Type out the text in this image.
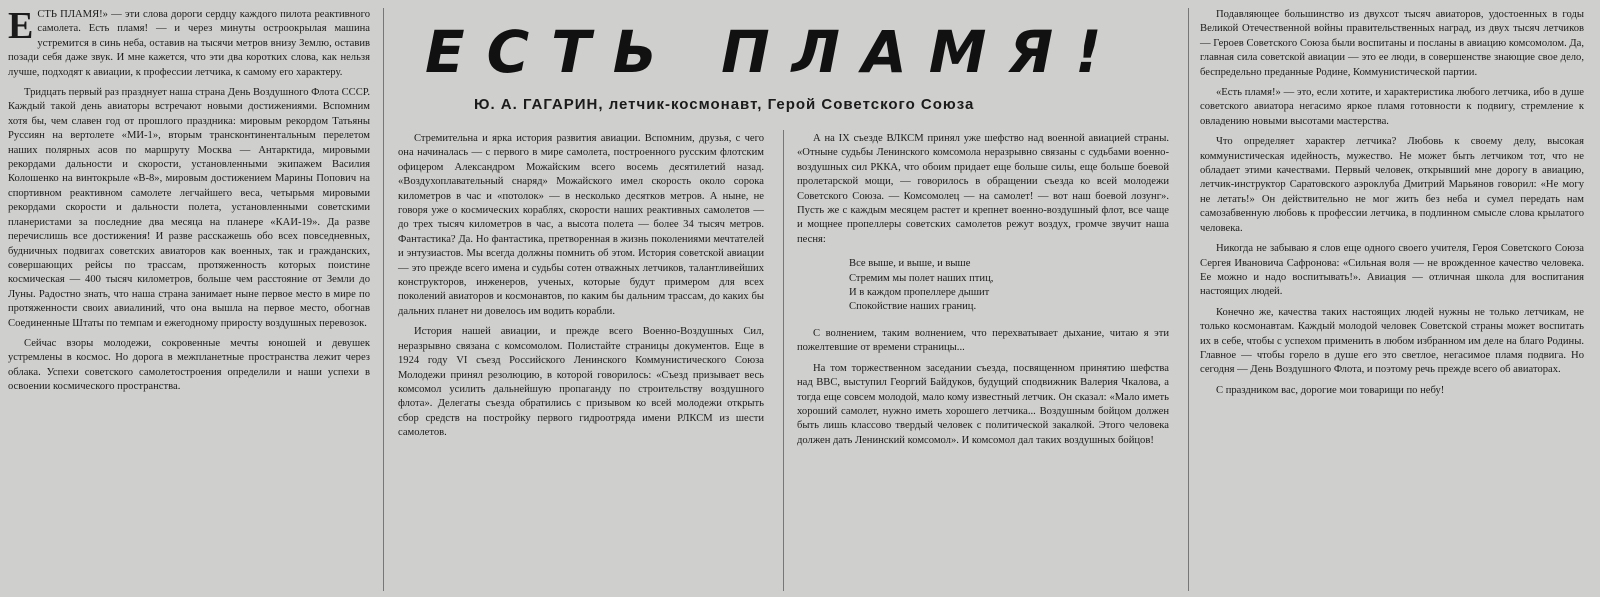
ЕСТЬ ПЛАМЯ!» — эти слова дороги сердцу каждого пилота реактивного самолета. Есть пламя! — и через минуты остроокрылая машина устремится в синь неба, оставив на тысячи метров внизу Землю, оставив позади себя даже звук. И мне кажется, что эти два коротких слова, как нельзя лучше, подходят к авиации, к профессии летчика, к самому его характеру.

Тридцать первый раз празднует наша страна День Воздушного Флота СССР. Каждый такой день авиаторы встречают новыми достижениями. Вспомним хотя бы, чем славен год от прошлого праздника: мировым рекордом Татьяны Руссиян на вертолете «МИ-1», вторым трансконтинентальным перелетом наших полярных асов по маршруту Москва — Антарктида, мировыми рекордами дальности и скорости, установленными экипажем Василия Колошенко на винтокрыле «В-8», мировым достижением Марины Попович на спортивном реактивном самолете легчайшего веса, четырьмя мировыми рекордами скорости и дальности полета, установленными советскими планеристами за последние два месяца на планере «КАИ-19». Да разве перечислишь все достижения! И разве расскажешь обо всех повседневных, будничных подвигах советских авиаторов как военных, так и гражданских, совершающих рейсы по трассам, протяженность которых поистине космическая — 400 тысяч километров, больше чем расстояние от Земли до Луны. Радостно знать, что наша страна занимает ныне первое место в мире по протяженности своих авиалиний, что она вышла на первое место, обогнав Соединенные Штаты по темпам и ежегодному приросту воздушных перевозок.

Сейчас взоры молодежи, сокровенные мечты юношей и девушек устремлены в космос. Но дорога в межпланетные пространства лежит через облака. Успехи советского самолетостроения определили и наши успехи в освоении космического пространства.

ЕСТЬ ПЛАМЯ!
Ю. А. ГАГАРИН, летчик-космонавт, Герой Советского Союза

Стремительна и ярка история развития авиации. Вспомним, друзья, с чего она начиналась — с первого в мире самолета, построенного русским флотским офицером Александром Можайским всего восемь десятилетий назад. «Воздухоплавательный снаряд» Можайского имел скорость около сорока километров в час и «потолок» — в несколько десятков метров. А ныне, не говоря уже о космических кораблях, скорости наших реактивных самолетов — до трех тысяч километров в час, а высота полета — более 34 тысяч метров. Фантастика? Да. Но фантастика, претворенная в жизнь поколениями мечтателей и энтузиастов. Мы всегда должны помнить об этом. История советской авиации — это прежде всего имена и судьбы сотен отважных летчиков, талантливейших конструкторов, инженеров, ученых, которые будут примером для всех поколений авиаторов и космонавтов, по каким бы дальним трассам, до каких бы дальних планет ни довелось им водить корабли.

История нашей авиации, и прежде всего Военно-Воздушных Сил, неразрывно связана с комсомолом. Полистайте страницы документов. Еще в 1924 году VI съезд Российского Ленинского Коммунистического Союза Молодежи принял резолюцию, в которой говорилось: «Съезд призывает весь комсомол усилить дальнейшую пропаганду по строительству воздушного флота». Делегаты съезда обратились с призывом ко всей молодежи открыть сбор средств на постройку первого гидроотряда имени РЛКСМ из шести самолетов.

А на IX съезде ВЛКСМ принял уже шефство над военной авиацией страны. «Отныне судьбы Ленинского комсомола неразрывно связаны с судьбами военно-воздушных сил РККА, что обоим придает еще больше силы, еще больше боевой пролетарской мощи, — говорилось в обращении съезда ко всей молодежи Советского Союза. — Комсомолец — на самолет! — вот наш боевой лозунг». Пусть же с каждым месяцем растет и крепнет военно-воздушный флот, все чаще и мощнее пропеллеры советских самолетов режут воздух, громче звучит наша песня:

Все выше, и выше, и выше
Стремим мы полет наших птиц,
И в каждом пропеллере дышит
Спокойствие наших границ.

С волнением, таким волнением, что перехватывает дыхание, читаю я эти пожелтевшие от времени страницы...

На том торжественном заседании съезда, посвященном принятию шефства над ВВС, выступил Георгий Байдуков, будущий сподвижник Валерия Чкалова, а тогда еще совсем молодой, мало кому известный летчик. Он сказал: «Мало иметь хороший самолет, нужно иметь хорошего летчика... Воздушным бойцом должен быть лишь классово твердый человек с политической закалкой. Этого человека должен дать Ленинский комсомол». И комсомол дал таких воздушных бойцов!

Подавляющее большинство из двухсот тысяч авиаторов, удостоенных в годы Великой Отечественной войны правительственных наград, из двух тысяч летчиков — Героев Советского Союза были воспитаны и посланы в авиацию комсомолом. Да, главная сила советской авиации — это ее люди, в совершенстве знающие свое дело, беспредельно преданные Родине, Коммунистической партии.

«Есть пламя!» — это, если хотите, и характеристика любого летчика, ибо в душе советского авиатора негасимо яркое пламя готовности к подвигу, стремление к овладению новыми высотами мастерства.

Что определяет характер летчика? Любовь к своему делу, высокая коммунистическая идейность, мужество. Не может быть летчиком тот, что не обладает этими качествами. Первый человек, открывший мне дорогу в авиацию, летчик-инструктор Саратовского аэроклуба Дмитрий Марьянов говорил: «Не могу не летать!» Он действительно не мог жить без неба и сумел передать нам самозабвенную любовь к профессии летчика, в подлинном смысле слова крылатого человека.

Никогда не забываю я слов еще одного своего учителя, Героя Советского Союза Сергея Ивановича Сафронова: «Сильная воля — не врожденное качество человека. Ее можно и надо воспитывать!». Авиация — отличная школа для воспитания настоящих людей.

Конечно же, качества таких настоящих людей нужны не только летчикам, не только космонавтам. Каждый молодой человек Советской страны может воспитать их в себе, чтобы с успехом применить в любом избранном им деле на благо Родины. Главное — чтобы горело в душе его это светлое, негасимое пламя подвига. Но сегодня — День Воздушного Флота, и поэтому речь прежде всего об авиаторах.

С праздником вас, дорогие мои товарищи по небу!
